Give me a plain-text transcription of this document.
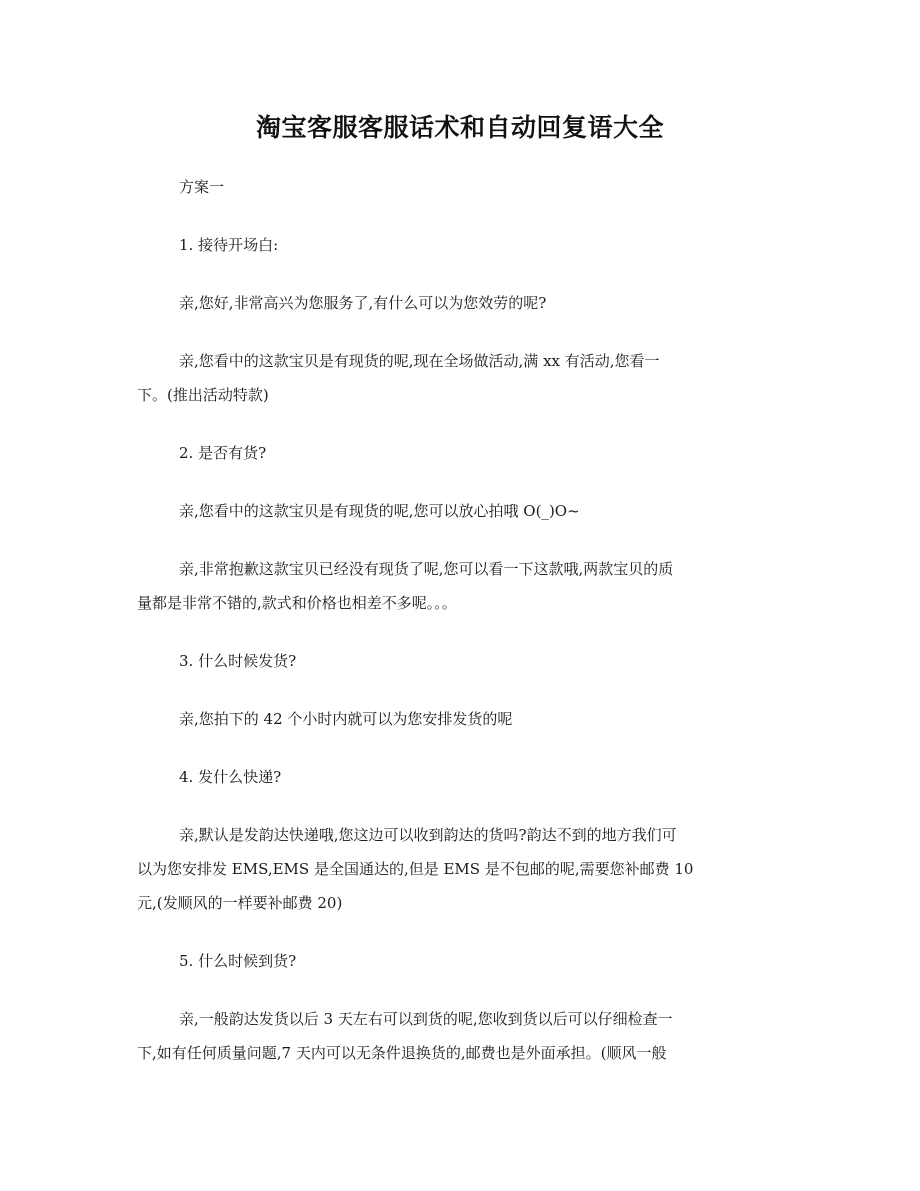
淘宝客服客服话术和自动回复语大全

方案一

1. 接待开场白:

亲,您好,非常高兴为您服务了,有什么可以为您效劳的呢?

亲,您看中的这款宝贝是有现货的呢,现在全场做活动,满 xx 有活动,您看一

下。(推出活动特款)

2. 是否有货?

亲,您看中的这款宝贝是有现货的呢,您可以放心拍哦 O(_)O~

亲,非常抱歉这款宝贝已经没有现货了呢,您可以看一下这款哦,两款宝贝的质

量都是非常不错的,款式和价格也相差不多呢。。。

3. 什么时候发货?

亲,您拍下的 42 个小时内就可以为您安排发货的呢

4. 发什么快递?

亲,默认是发韵达快递哦,您这边可以收到韵达的货吗?韵达不到的地方我们可

以为您安排发 EMS,EMS 是全国通达的,但是 EMS 是不包邮的呢,需要您补邮费 10

元,(发顺风的一样要补邮费 20)

5. 什么时候到货?

亲,一般韵达发货以后 3 天左右可以到货的呢,您收到货以后可以仔细检查一

下,如有任何质量问题,7 天内可以无条件退换货的,邮费也是外面承担。(顺风一般
